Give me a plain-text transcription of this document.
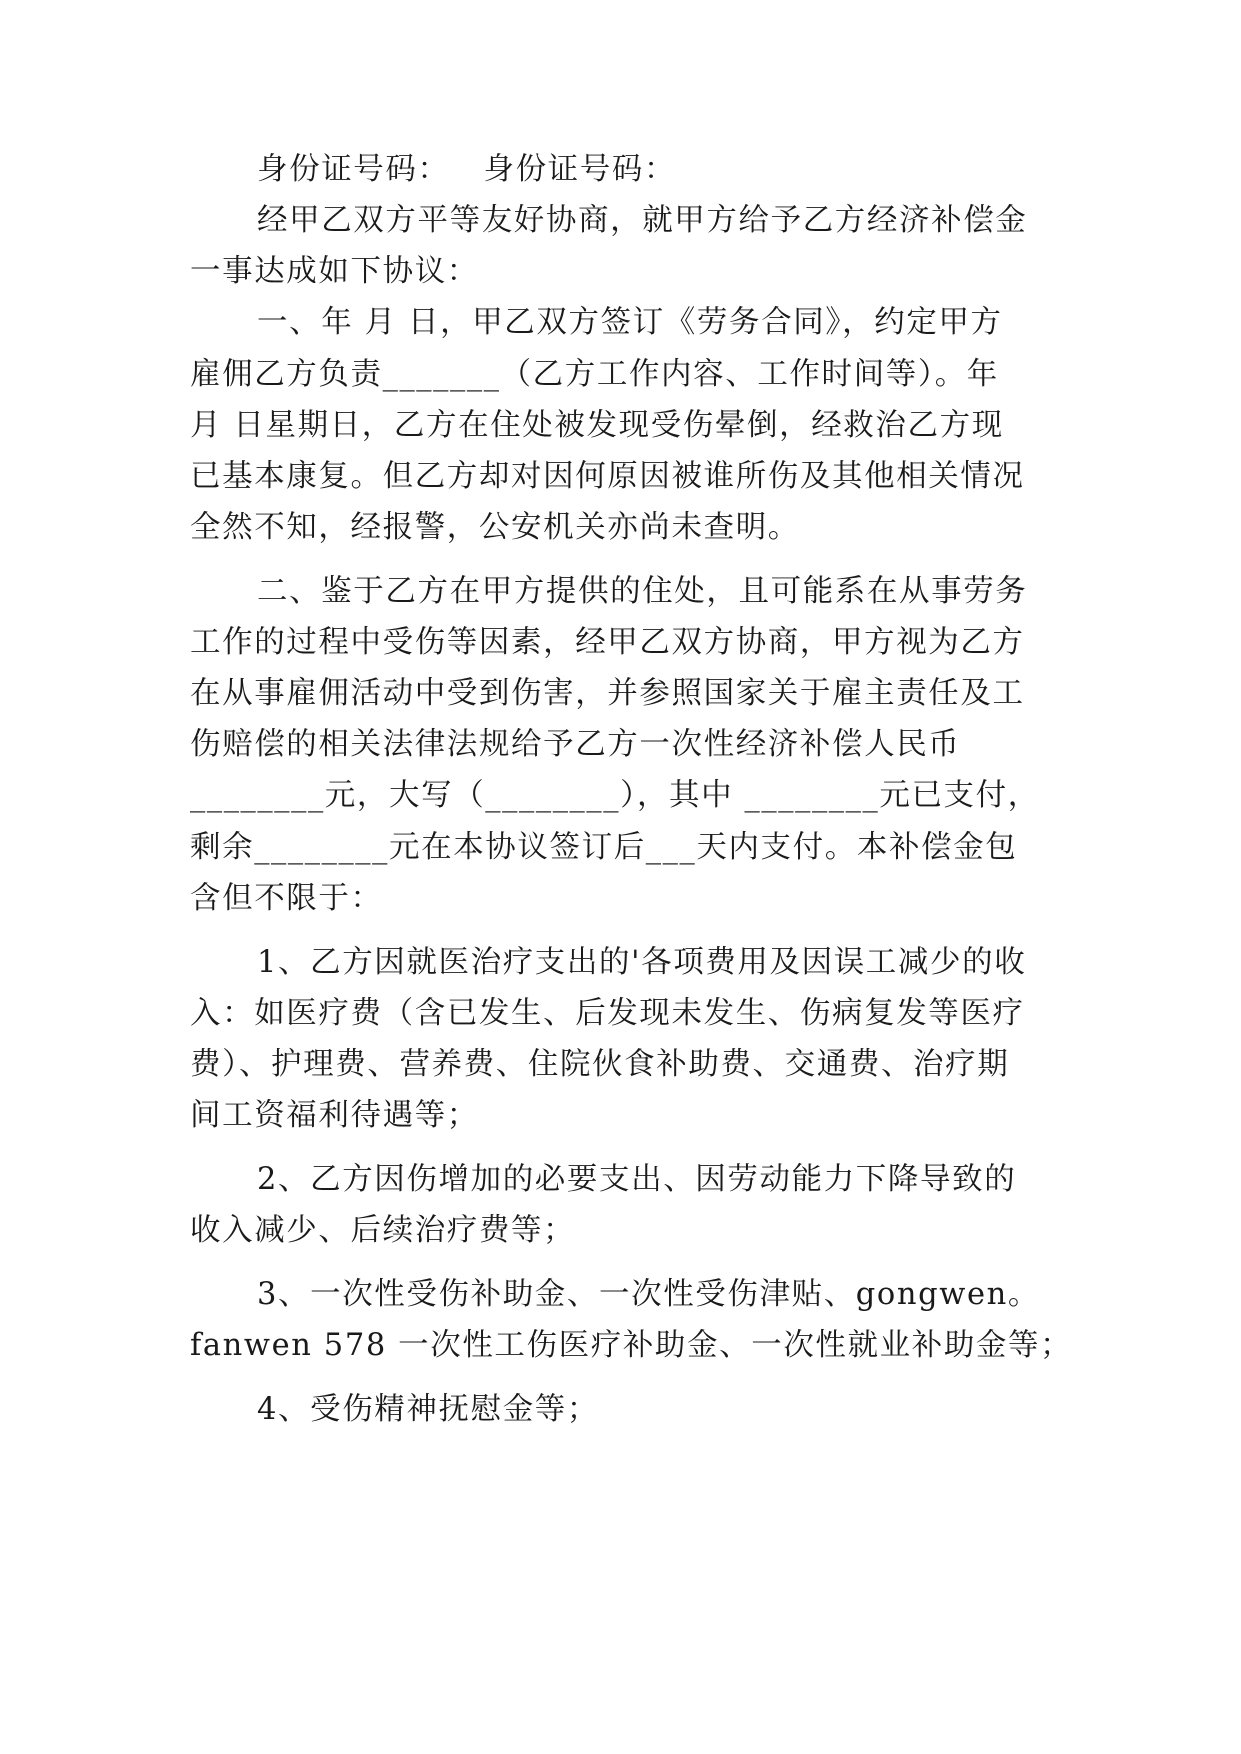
身份证号码：   身份证号码：
经甲乙双方平等友好协商，就甲方给予乙方经济补偿金
一事达成如下协议：
一、年 月 日，甲乙双方签订《劳务合同》，约定甲方
雇佣乙方负责_______（乙方工作内容、工作时间等）。年
月 日星期日，乙方在住处被发现受伤晕倒，经救治乙方现
已基本康复。但乙方却对因何原因被谁所伤及其他相关情况
全然不知，经报警，公安机关亦尚未查明。
二、鉴于乙方在甲方提供的住处，且可能系在从事劳务
工作的过程中受伤等因素，经甲乙双方协商，甲方视为乙方
在从事雇佣活动中受到伤害，并参照国家关于雇主责任及工
伤赔偿的相关法律法规给予乙方一次性经济补偿人民币
________元，大写（________），其中 ________元已支付，
剩余________元在本协议签订后___天内支付。本补偿金包
含但不限于：
1、乙方因就医治疗支出的'各项费用及因误工减少的收
入：如医疗费（含已发生、后发现未发生、伤病复发等医疗
费）、护理费、营养费、住院伙食补助费、交通费、治疗期
间工资福利待遇等；
2、乙方因伤增加的必要支出、因劳动能力下降导致的
收入减少、后续治疗费等；
3、一次性受伤补助金、一次性受伤津贴、gongwen。
fanwen 578 一次性工伤医疗补助金、一次性就业补助金等；
4、受伤精神抚慰金等；
